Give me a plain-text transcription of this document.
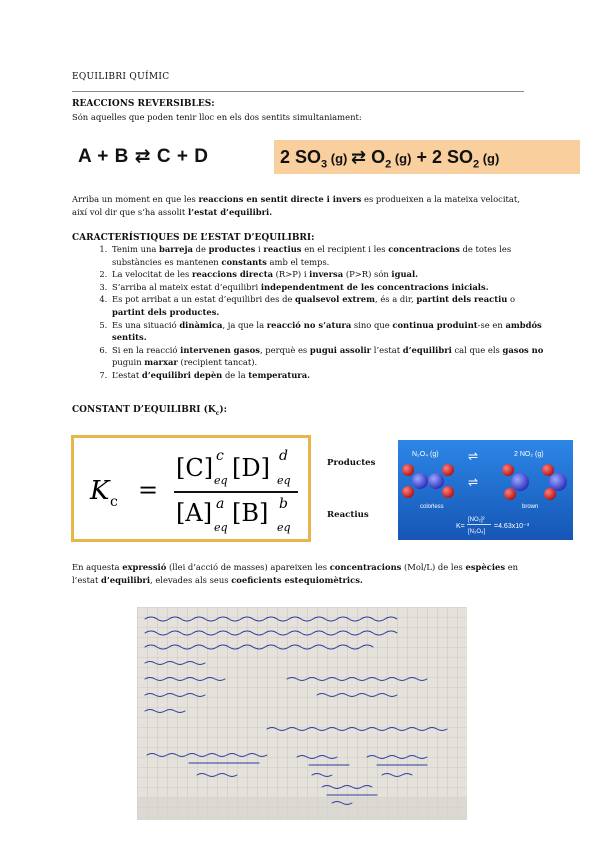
EQUILIBRI QUÍMIC
REACCIONS REVERSIBLES:
Són aquelles que poden tenir lloc en els dos sentits simultaniament:
A + B ⇄ C + D	2 $SO_3$ (g) ⇄ $O_2$ (g) + 2 $SO_2$ (g)
Arriba un moment en que les reaccions en sentit directe i invers es produeixen a la mateixa velocitat, així vol dir que s’ha assolit l’estat d’equilibri.
CARACTERÍSTIQUES DE L’ESTAT D’EQUILIBRI:
1. Tenim una barreja de productes i reactius en el recipient i les concentracions de totes les substàncies es mantenen constants amb el temps.
2. La velocitat de les reaccions directa (R>P) i inversa (P>R) són igual.
3. S’arriba al mateix estat d’equilibri independentment de les concentracions inicials.
4. Es pot arribat a un estat d’equilibri des de qualsevol extrem, és a dir, partint dels reactiu o partint dels productes.
5. Es una situació dinàmica, ja que la reacció no s’atura sino que continua produint-se en ambdós sentits.
6. Si en la reacció intervenen gasos, perquè es pugui assolir l’estat d’equilibri cal que els gasos no puguin marxar (recipient tancat).
7. L’estat d’equilibri depèn de la temperatura.
CONSTANT D’EQUILIBRI $(K_c)$:
K c =
[C] c
eq [D] d
eq
[A] a
eq
[B] b
eq
Productes
Reactius
N₂O₄ (g)	2 NO₂ (g)
⇌
⇌
colorless	brown
K=
[NO₂]²
[N₂O₄]
=4.63x10⁻³
En aquesta expressió (llei d’acció de masses) apareixen les concentracions (Mol/L) de les espècies en l’estat d’equilibri, elevades als seus coeficients estequiomètrics.
